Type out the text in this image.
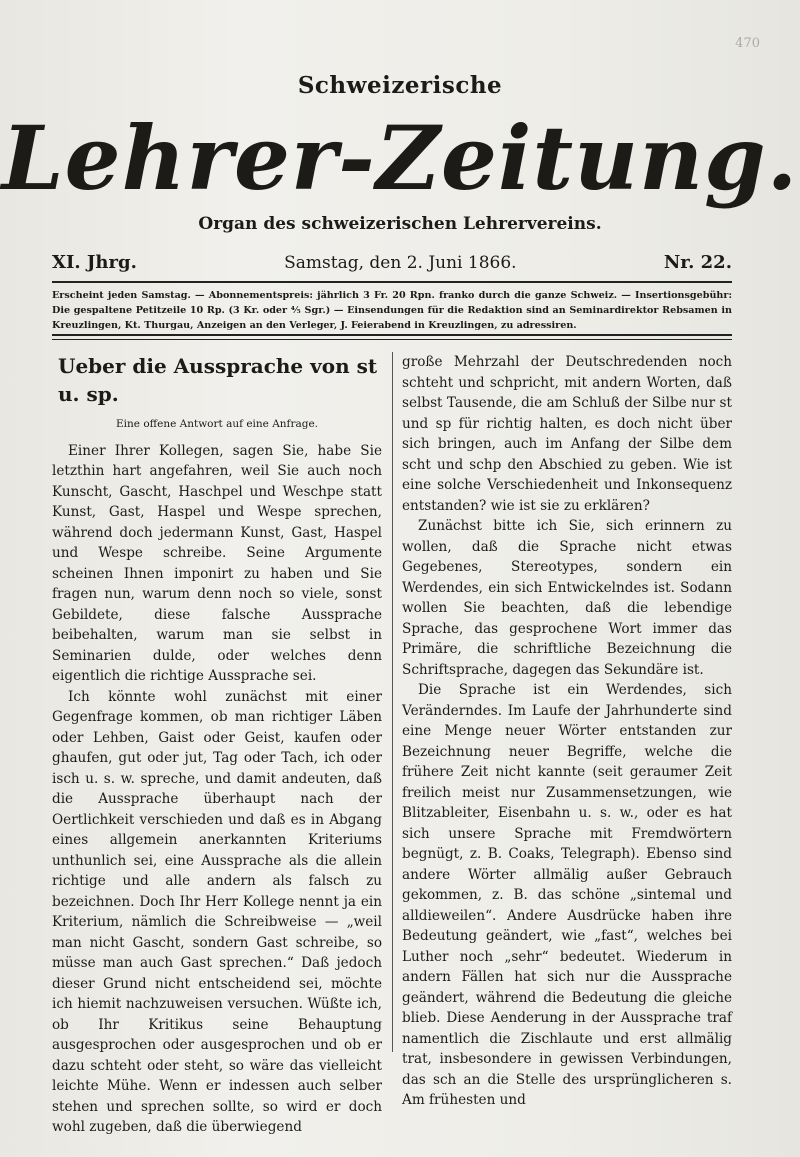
470
Schweizerische
Lehrer-Zeitung.
Organ des schweizerischen Lehrervereins.
XI. Jhrg.	Samstag, den 2. Juni 1866.	Nr. 22.
Erscheint jeden Samstag. — Abonnementspreis: jährlich 3 Fr. 20 Rpn. franko durch die ganze Schweiz. — Insertionsgebühr: Die gespaltene Petitzeile 10 Rp. (3 Kr. oder ⅘ Sgr.) — Einsendungen für die Redaktion sind an Seminardirektor Rebsamen in Kreuzlingen, Kt. Thurgau, Anzeigen an den Verleger, J. Feierabend in Kreuzlingen, zu adressiren.
Ueber die Aussprache von st u. sp.
Eine offene Antwort auf eine Anfrage.

Einer Ihrer Kollegen, sagen Sie, habe Sie letzthin hart angefahren, weil Sie auch noch Kunscht, Gascht, Haschpel und Weschpe statt Kunst, Gast, Haspel und Wespe sprechen, während doch jedermann Kunst, Gast, Haspel und Wespe schreibe. Seine Argumente scheinen Ihnen imponirt zu haben und Sie fragen nun, warum denn noch so viele, sonst Gebildete, diese falsche Aussprache beibehalten, warum man sie selbst in Seminarien dulde, oder welches denn eigentlich die richtige Aussprache sei.

Ich könnte wohl zunächst mit einer Gegenfrage kommen, ob man richtiger Läben oder Lehben, Gaist oder Geist, kaufen oder ghaufen, gut oder jut, Tag oder Tach, ich oder isch u. s. w. spreche, und damit andeuten, daß die Aussprache überhaupt nach der Oertlichkeit verschieden und daß es in Abgang eines allgemein anerkannten Kriteriums unthunlich sei, eine Aussprache als die allein richtige und alle andern als falsch zu bezeichnen. Doch Ihr Herr Kollege nennt ja ein Kriterium, nämlich die Schreibweise — „weil man nicht Gascht, sondern Gast schreibe, so müsse man auch Gast sprechen.“ Daß jedoch dieser Grund nicht entscheidend sei, möchte ich hiemit nachzuweisen versuchen. Wüßte ich, ob Ihr Kritikus seine Behauptung ausgesprochen oder ausgesprochen und ob er dazu schteht oder steht, so wäre das vielleicht leichte Mühe. Wenn er indessen auch selber stehen und sprechen sollte, so wird er doch wohl zugeben, daß die überwiegend

große Mehrzahl der Deutschredenden noch schteht und schpricht, mit andern Worten, daß selbst Tausende, die am Schluß der Silbe nur st und sp für richtig halten, es doch nicht über sich bringen, auch im Anfang der Silbe dem scht und schp den Abschied zu geben. Wie ist eine solche Verschiedenheit und Inkonsequenz entstanden? wie ist sie zu erklären?

Zunächst bitte ich Sie, sich erinnern zu wollen, daß die Sprache nicht etwas Gegebenes, Stereotypes, sondern ein Werdendes, ein sich Entwickelndes ist. Sodann wollen Sie beachten, daß die lebendige Sprache, das gesprochene Wort immer das Primäre, die schriftliche Bezeichnung die Schriftsprache, dagegen das Sekundäre ist.

Die Sprache ist ein Werdendes, sich Veränderndes. Im Laufe der Jahrhunderte sind eine Menge neuer Wörter entstanden zur Bezeichnung neuer Begriffe, welche die frühere Zeit nicht kannte (seit geraumer Zeit freilich meist nur Zusammensetzungen, wie Blitzableiter, Eisenbahn u. s. w., oder es hat sich unsere Sprache mit Fremdwörtern begnügt, z. B. Coaks, Telegraph). Ebenso sind andere Wörter allmälig außer Gebrauch gekommen, z. B. das schöne „sintemal und alldieweilen“. Andere Ausdrücke haben ihre Bedeutung geändert, wie „fast“, welches bei Luther noch „sehr“ bedeutet. Wiederum in andern Fällen hat sich nur die Aussprache geändert, während die Bedeutung die gleiche blieb. Diese Aenderung in der Aussprache traf namentlich die Zischlaute und erst allmälig trat, insbesondere in gewissen Verbindungen, das sch an die Stelle des ursprünglicheren s. Am frühesten und
